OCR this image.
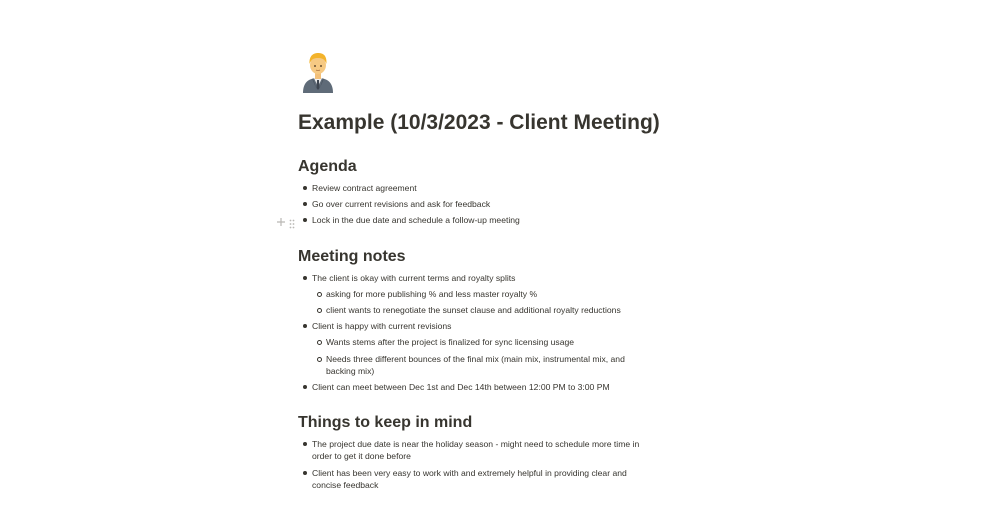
Example (10/3/2023 - Client Meeting)
Agenda
Review contract agreement
Go over current revisions and ask for feedback
Lock in the due date and schedule a follow-up meeting
Meeting notes
The client is okay with current terms and royalty splits
asking for more publishing % and less master royalty %
client wants to renegotiate the sunset clause and additional royalty reductions
Client is happy with current revisions
Wants stems after the project is finalized for sync licensing usage
Needs three different bounces of the final mix (main mix, instrumental mix, and backing mix)
Client can meet between Dec 1st and Dec 14th between 12:00 PM to 3:00 PM
Things to keep in mind
The project due date is near the holiday season - might need to schedule more time in order to get it done before
Client has been very easy to work with and extremely helpful in providing clear and concise feedback
